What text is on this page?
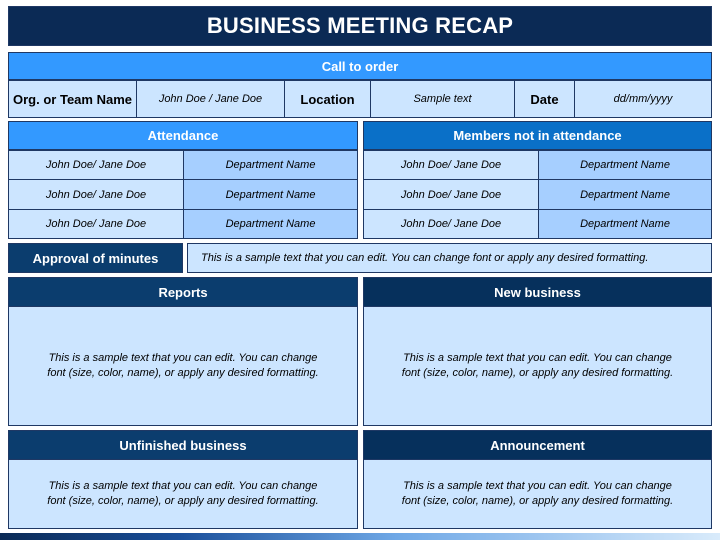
BUSINESS MEETING RECAP
Call to order
Org. or Team Name	John Doe / Jane Doe	Location	Sample text	Date	dd/mm/yyyy
Attendance
John Doe/ Jane Doe	Department Name
John Doe/ Jane Doe	Department Name
John Doe/ Jane Doe	Department Name
Members not in attendance
John Doe/ Jane Doe	Department Name
John Doe/ Jane Doe	Department Name
John Doe/ Jane Doe	Department Name
Approval of minutes	This is a sample text that you can edit. You can change font or apply any desired formatting.
Reports
This is a sample text that you can edit. You can change font (size, color, name), or apply any desired formatting.
New business
This is a sample text that you can edit. You can change font (size, color, name), or apply any desired formatting.
Unfinished business
This is a sample text that you can edit. You can change font (size, color, name), or apply any desired formatting.
Announcement
This is a sample text that you can edit. You can change font (size, color, name), or apply any desired formatting.
